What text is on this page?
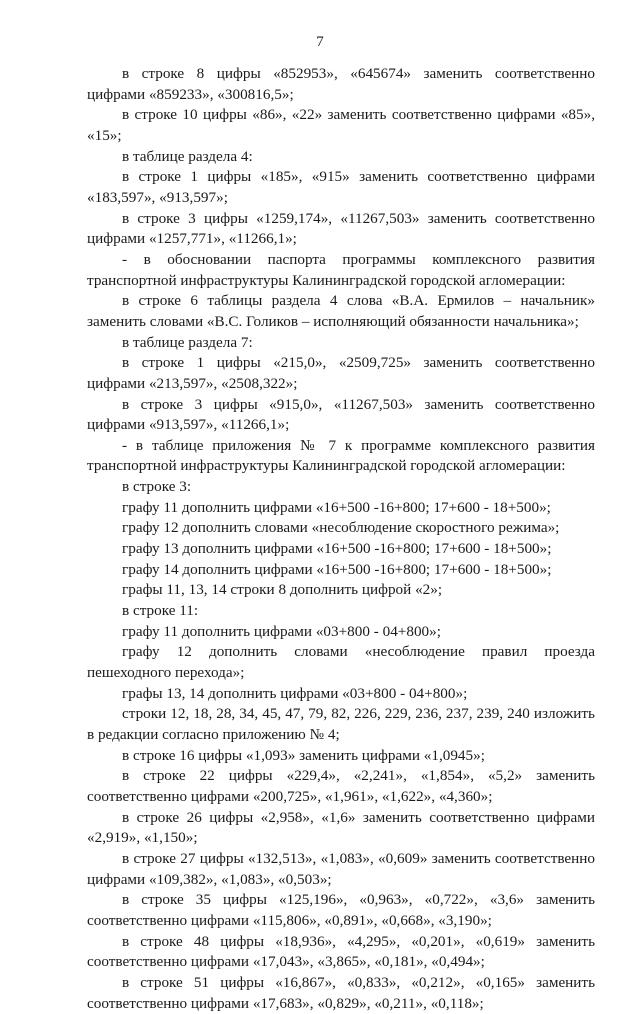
7

в строке 8 цифры «852953», «645674» заменить соответственно цифрами «859233», «300816,5»;

в строке 10 цифры «86», «22» заменить соответственно цифрами «85», «15»;

в таблице раздела 4:

в строке 1 цифры «185», «915» заменить соответственно цифрами «183,597», «913,597»;

в строке 3 цифры «1259,174», «11267,503» заменить соответственно цифрами «1257,771», «11266,1»;

- в обосновании паспорта программы комплексного развития транспортной инфраструктуры Калининградской городской агломерации:

в строке 6 таблицы раздела 4 слова «В.А. Ермилов – начальник» заменить словами «В.С. Голиков – исполняющий обязанности начальника»;

в таблице раздела 7:

в строке 1 цифры «215,0», «2509,725» заменить соответственно цифрами «213,597», «2508,322»;

в строке 3 цифры «915,0», «11267,503» заменить соответственно цифрами «913,597», «11266,1»;

- в таблице приложения № 7 к программе комплексного развития транспортной инфраструктуры Калининградской городской агломерации:

в строке 3:

графу 11 дополнить цифрами «16+500 -16+800; 17+600 - 18+500»;

графу 12 дополнить словами «несоблюдение скоростного режима»;

графу 13 дополнить цифрами «16+500 -16+800; 17+600 - 18+500»;

графу 14 дополнить цифрами «16+500 -16+800; 17+600 - 18+500»;

графы 11, 13, 14 строки 8 дополнить цифрой «2»;

в строке 11:

графу 11 дополнить цифрами «03+800 - 04+800»;

графу 12 дополнить словами «несоблюдение правил проезда пешеходного перехода»;

графы 13, 14 дополнить цифрами «03+800 - 04+800»;

строки 12, 18, 28, 34, 45, 47, 79, 82, 226, 229, 236, 237, 239, 240 изложить в редакции согласно приложению № 4;

в строке 16 цифры «1,093» заменить цифрами «1,0945»;

в строке 22 цифры «229,4», «2,241», «1,854», «5,2» заменить соответственно цифрами «200,725», «1,961», «1,622», «4,360»;

в строке 26 цифры «2,958», «1,6» заменить соответственно цифрами «2,919», «1,150»;

в строке 27 цифры «132,513», «1,083», «0,609» заменить соответственно цифрами «109,382», «1,083», «0,503»;

в строке 35 цифры «125,196», «0,963», «0,722», «3,6» заменить соответственно цифрами «115,806», «0,891», «0,668», «3,190»;

в строке 48 цифры «18,936», «4,295», «0,201», «0,619» заменить соответственно цифрами «17,043», «3,865», «0,181», «0,494»;

в строке 51 цифры «16,867», «0,833», «0,212», «0,165» заменить соответственно цифрами «17,683», «0,829», «0,211», «0,118»;
